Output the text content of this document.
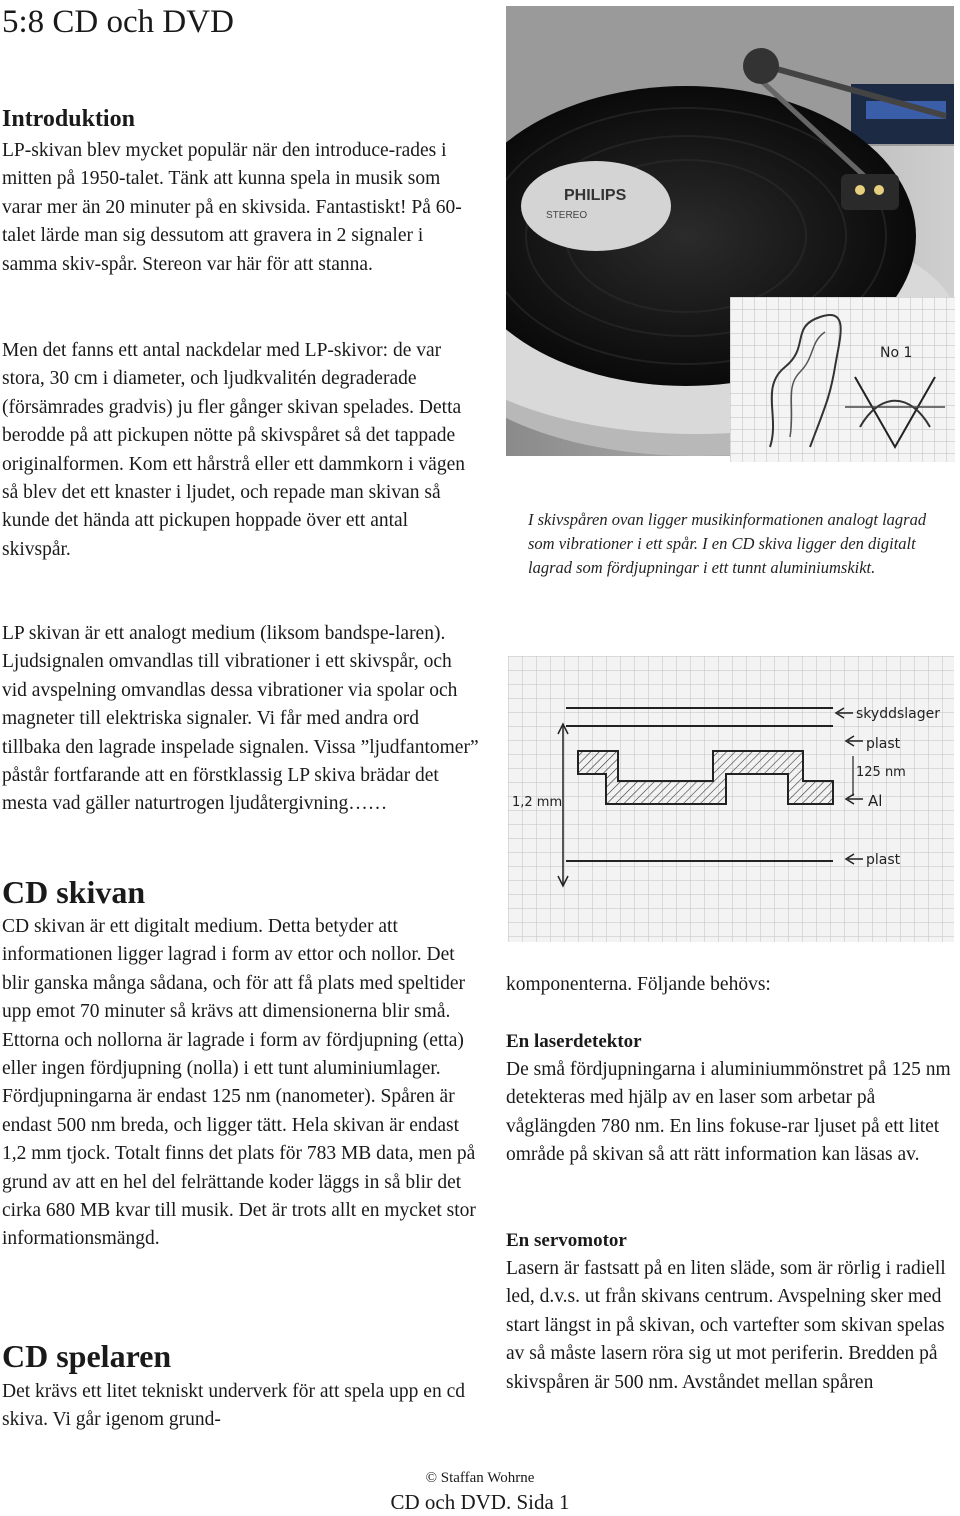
5:8 CD och DVD
Introduktion

LP-skivan blev mycket populär när den introduce-rades i mitten på 1950-talet. Tänk att kunna spela in musik som varar mer än 20 minuter på en skivsida. Fantastiskt! På 60-talet lärde man sig dessutom att gravera in 2 signaler i samma skiv-spår. Stereon var här för att stanna.

Men det fanns ett antal nackdelar med LP-skivor: de var stora, 30 cm i diameter, och ljudkvalitén degraderade (försämrades gradvis) ju fler gånger skivan spelades. Detta berodde på att pickupen nötte på skivspåret så det tappade originalformen. Kom ett hårstrå eller ett dammkorn i vägen så blev det ett knaster i ljudet, och repade man skivan så kunde det hända att pickupen hoppade över ett antal skivspår.

LP skivan är ett analogt medium (liksom bandspe-laren). Ljudsignalen omvandlas till vibrationer i ett skivspår, och vid avspelning omvandlas dessa vibrationer via spolar och magneter till elektriska signaler. Vi får med andra ord tillbaka den lagrade inspelade signalen. Vissa ”ljudfantomer” påstår fortfarande att en förstklassig LP skiva brädar det mesta vad gäller naturtrogen ljudåtergivning……

CD skivan

CD skivan är ett digitalt medium. Detta betyder att informationen ligger lagrad i form av ettor och nollor. Det blir ganska många sådana, och för att få plats med speltider upp emot 70 minuter så krävs att dimensionerna blir små. Ettorna och nollorna är lagrade i form av fördjupning (etta) eller ingen fördjupning (nolla) i ett tunt aluminiumlager. Fördjupningarna är endast 125 nm (nanometer). Spåren är endast 500 nm breda, och ligger tätt. Hela skivan är endast 1,2 mm tjock. Totalt finns det plats för 783 MB data, men på grund av att en hel del felrättande koder läggs in så blir det cirka 680 MB kvar till musik. Det är trots allt en mycket stor informationsmängd.

CD spelaren

Det krävs ett litet tekniskt underverk för att spela upp en cd skiva. Vi går igenom grund-

PHILIPS
STEREO
No 1
I skivspåren ovan ligger musikinformationen analogt lagrad som vibrationer i ett spår. I en CD skiva ligger den digitalt lagrad som fördjupningar i ett tunnt aluminiumskikt.
1,2 mm
skyddslager
plast
125 nm
Al
plast

komponenterna. Följande behövs:

En laserdetektor

De små fördjupningarna i aluminiummönstret på 125 nm detekteras med hjälp av en laser som arbetar på våglängden 780 nm. En lins fokuse-rar ljuset på ett litet område på skivan så att rätt information kan läsas av.

En servomotor

Lasern är fastsatt på en liten släde, som är rörlig i radiell led, d.v.s. ut från skivans centrum. Avspelning sker med start längst in på skivan, och vartefter som skivan spelas av så måste lasern röra sig ut mot periferin. Bredden på skivspåren är 500 nm. Avståndet mellan spåren

© Staffan Wohrne
CD och DVD. Sida 1
